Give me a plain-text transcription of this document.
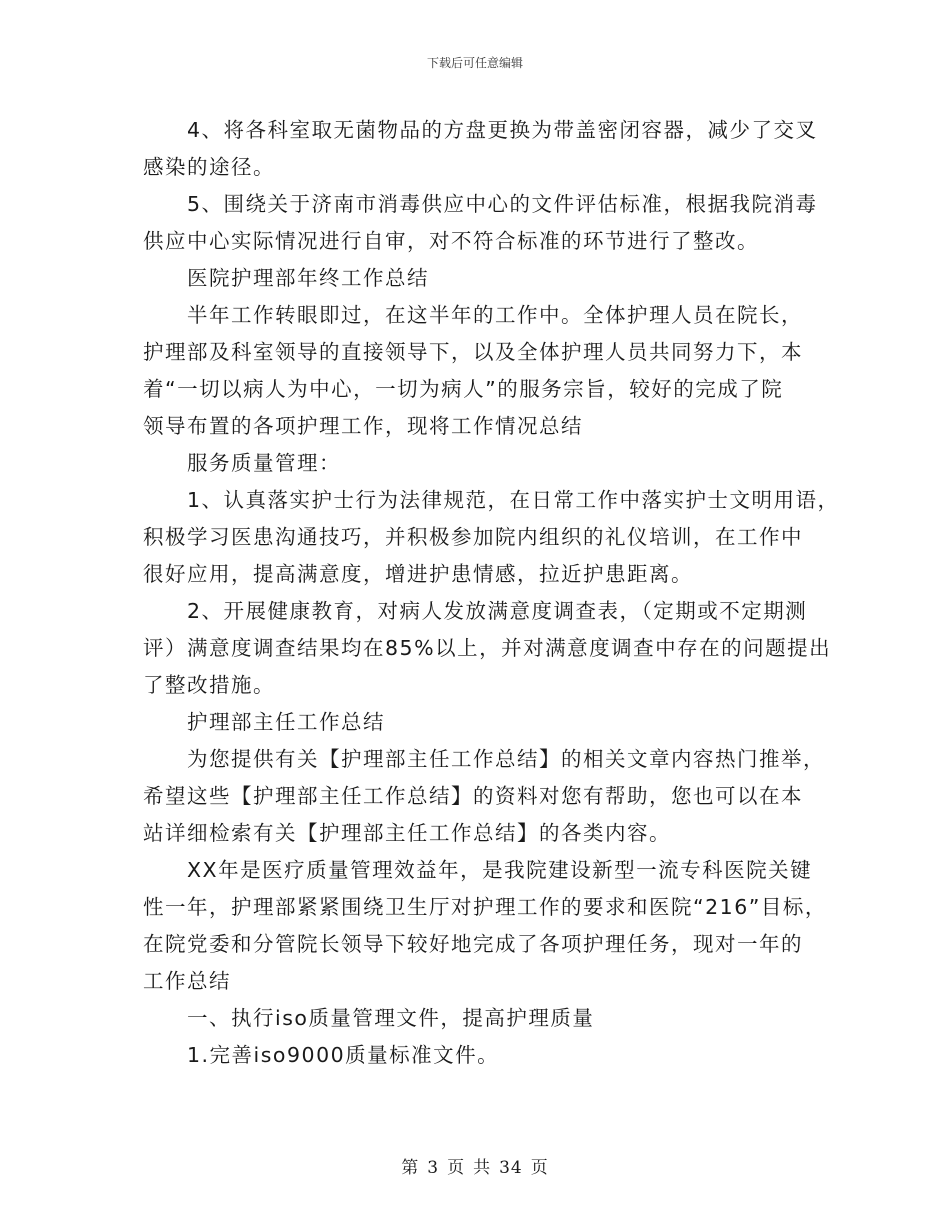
下载后可任意编辑
4、将各科室取无菌物品的方盘更换为带盖密闭容器，减少了交叉
感染的途径。
5、围绕关于济南市消毒供应中心的文件评估标准，根据我院消毒
供应中心实际情况进行自审，对不符合标准的环节进行了整改。
医院护理部年终工作总结
半年工作转眼即过，在这半年的工作中。全体护理人员在院长，
护理部及科室领导的直接领导下，以及全体护理人员共同努力下，本
着“一切以病人为中心，一切为病人”的服务宗旨，较好的完成了院
领导布置的各项护理工作，现将工作情况总结
服务质量管理：
1、认真落实护士行为法律规范，在日常工作中落实护士文明用语，
积极学习医患沟通技巧，并积极参加院内组织的礼仪培训，在工作中
很好应用，提高满意度，增进护患情感，拉近护患距离。
2、开展健康教育，对病人发放满意度调查表，（定期或不定期测
评）满意度调查结果均在85%以上，并对满意度调查中存在的问题提出
了整改措施。
护理部主任工作总结
为您提供有关【护理部主任工作总结】的相关文章内容热门推举，
希望这些【护理部主任工作总结】的资料对您有帮助，您也可以在本
站详细检索有关【护理部主任工作总结】的各类内容。
XX年是医疗质量管理效益年，是我院建设新型一流专科医院关键
性一年，护理部紧紧围绕卫生厅对护理工作的要求和医院“216”目标，
在院党委和分管院长领导下较好地完成了各项护理任务，现对一年的
工作总结
一、执行iso质量管理文件，提高护理质量
1.完善iso9000质量标准文件。
第 3 页 共 34 页
